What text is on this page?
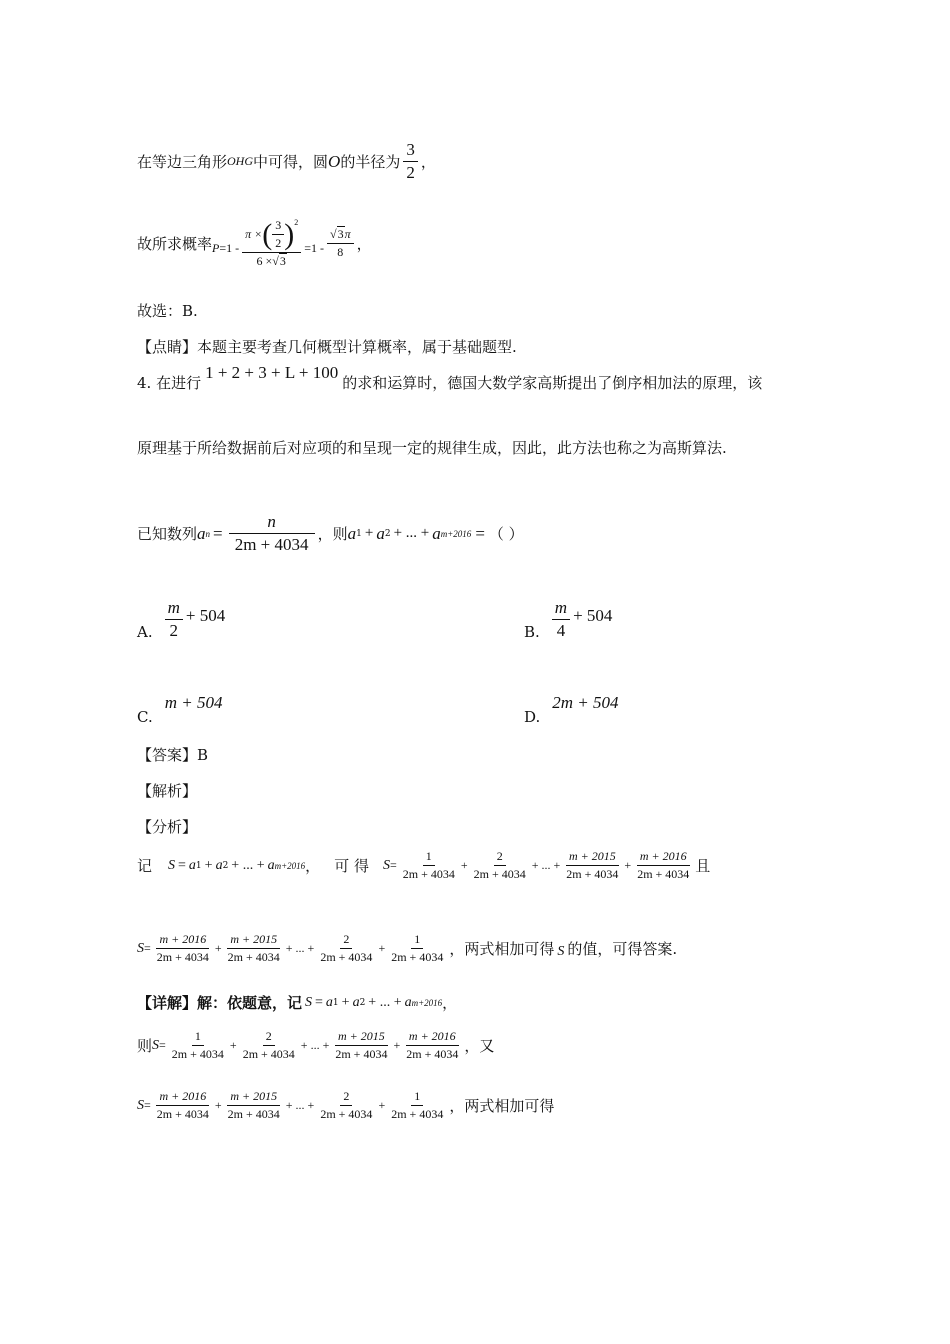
在等边三角形 OHG 中可得，圆 O 的半径为 $\frac{3}{2}$ ，
故所求概率 P =1 -
π × ( $\frac{3}{2} )^2$
6 ×√3
$=1 - \frac{√3\pi}{8}$ ，
故选：B.
【点睛】本题主要考查几何概型计算概率，属于基础题型.
4. 在进行
1 + 2 + 3 + L + 100
的求和运算时，德国大数学家高斯提出了倒序相加法的原理，该
原理基于所给数据前后对应项的和呈现一定的规律生成，因此，此方法也称之为高斯算法.
已知数列 a $n = \frac{n}{2m + 4034}$ ，则 a 1 + a 2 + ... + a m+2016 = （ ）
A. $\frac{m}{2} + 504$
B. $\frac{m}{4} + 504$
C.
m + 504
D.
2m + 504
【答案】B
【解析】
【分析】
记 S = a 1 + a 2 + ... + a m+2016 ， 可 得 $S = \frac{1}{2m + 4034} + \frac{2}{2m + 4034}$ + ... + $\frac{m + 2015}{2m + 4034} + \frac{m + 2016}{2m + 4034}$ 且
$S = \frac{m + 2016}{2m + 4034} + \frac{m + 2015}{2m + 4034}$ + ... + $\frac{2}{2m + 4034} + \frac{1}{2m + 4034}$ ，两式相加可得 S 的值，可得答案.
【详解】解：依题意，记 S = a 1 + a 2 + ... + a m+2016 ，
则 $S = \frac{1}{2m + 4034} + \frac{2}{2m + 4034}$ + ... + $\frac{m + 2015}{2m + 4034} + \frac{m + 2016}{2m + 4034}$ ，又
$S = \frac{m + 2016}{2m + 4034} + \frac{m + 2015}{2m + 4034}$ + ... + $\frac{2}{2m + 4034} + \frac{1}{2m + 4034}$ ，两式相加可得
